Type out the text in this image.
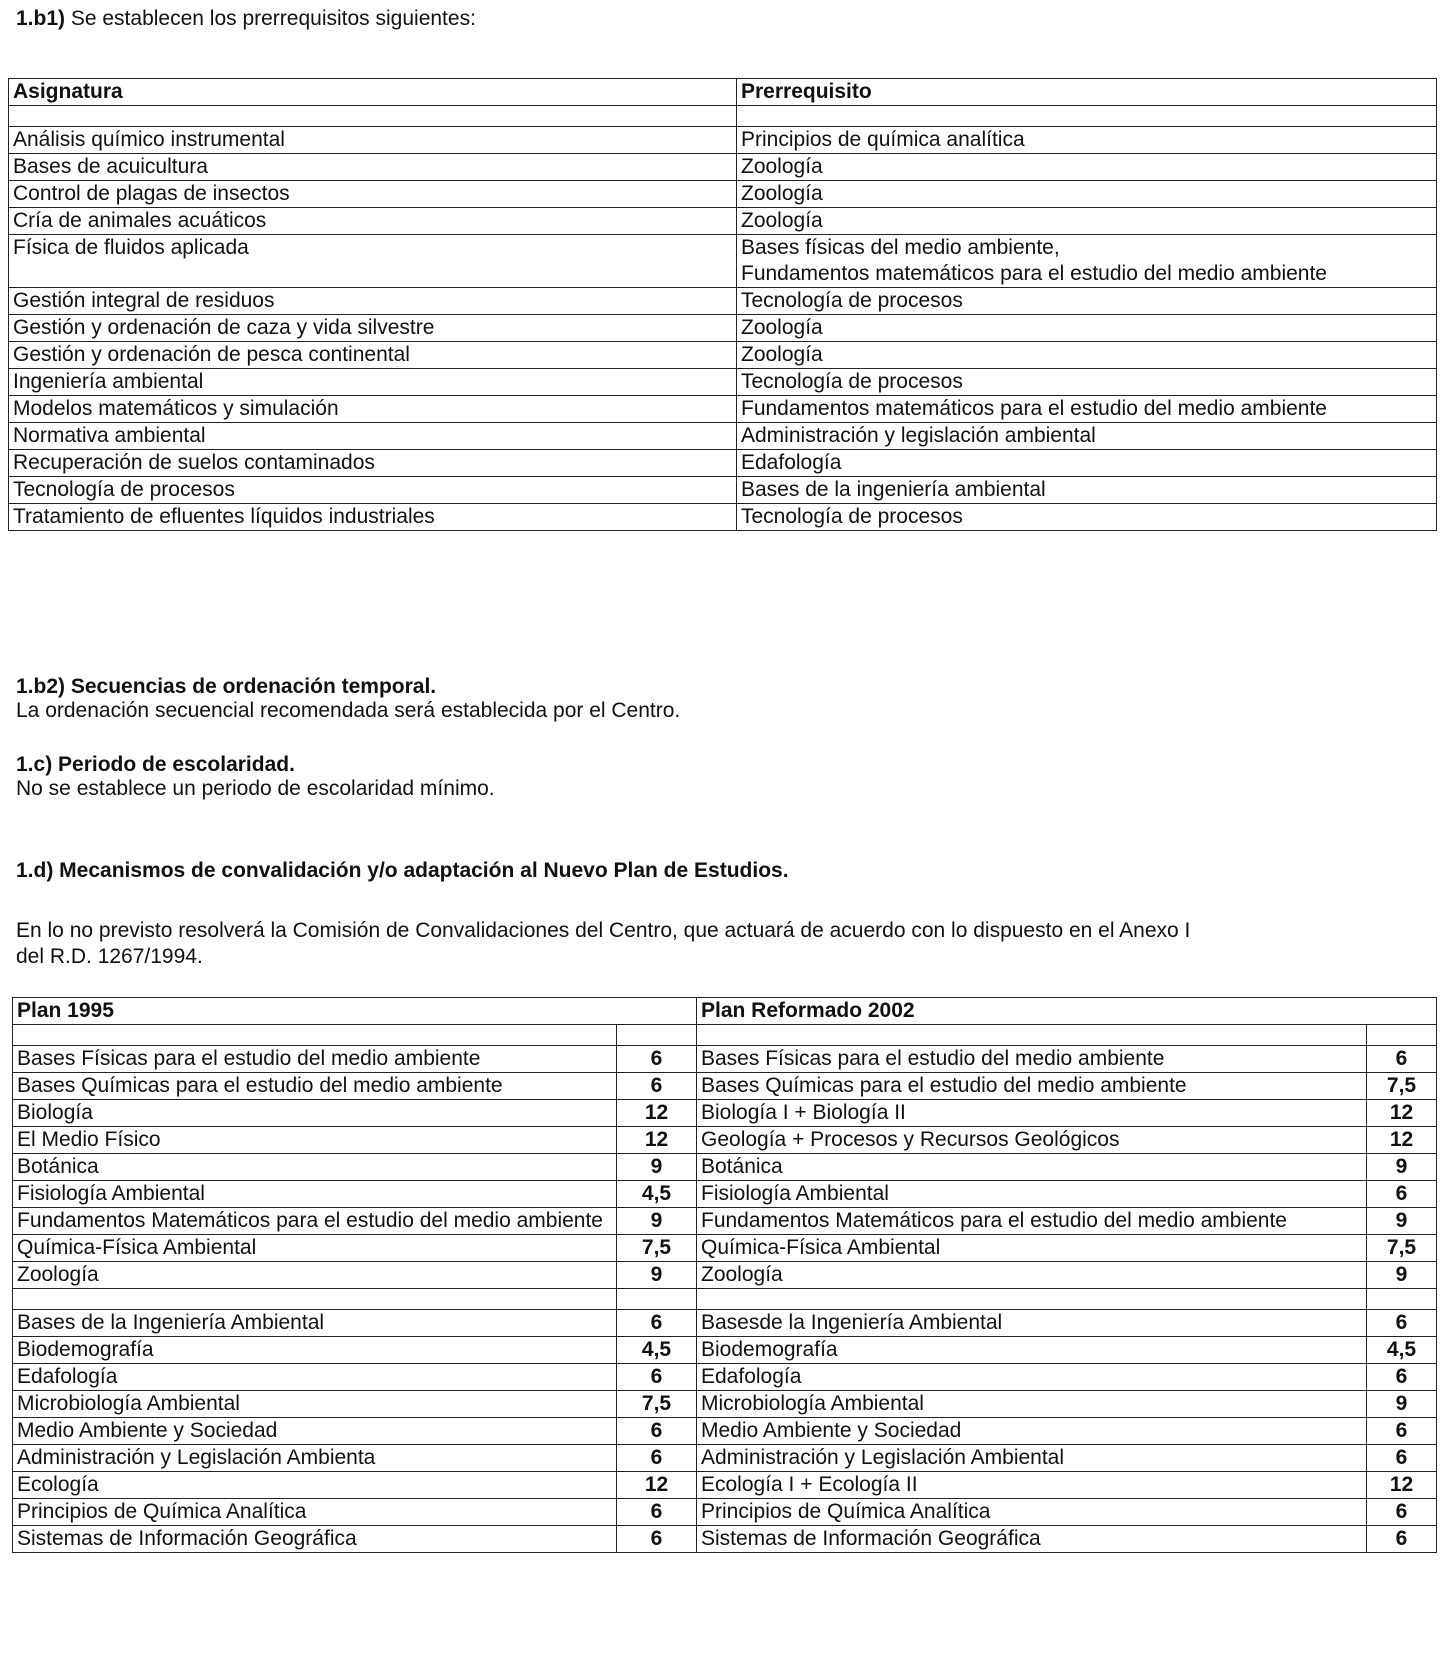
1.b1) Se establecen los prerrequisitos siguientes:
Asignatura	Prerrequisito

Análisis químico instrumental	Principios de química analítica

Bases de acuicultura	Zoología

Control de plagas de insectos	Zoología

Cría de animales acuáticos	Zoología

Física de fluidos aplicada	Bases físicas del medio ambiente,
Fundamentos matemáticos para el estudio del medio ambiente

Gestión integral de residuos	Tecnología de procesos

Gestión y ordenación de caza y vida silvestre	Zoología

Gestión y ordenación de pesca continental	Zoología

Ingeniería ambiental	Tecnología de procesos

Modelos matemáticos y simulación	Fundamentos matemáticos para el estudio del medio ambiente

Normativa ambiental	Administración y legislación ambiental

Recuperación de suelos contaminados	Edafología

Tecnología de procesos	Bases de la ingeniería ambiental

Tratamiento de efluentes líquidos industriales	Tecnología de procesos
1.b2) Secuencias de ordenación temporal.
La ordenación secuencial recomendada será establecida por el Centro.
1.c) Periodo de escolaridad.
No se establece un periodo de escolaridad mínimo.
1.d) Mecanismos de convalidación y/o adaptación al Nuevo Plan de Estudios.
En lo no previsto resolverá la Comisión de Convalidaciones del Centro, que actuará de acuerdo con lo dispuesto en el Anexo I
del R.D. 1267/1994.
Plan 1995		Plan Reformado 2002	

Bases Físicas para el estudio del medio ambiente	6	Bases Físicas para el estudio del medio ambiente	6
Bases Químicas para el estudio del medio ambiente	6	Bases Químicas para el estudio del medio ambiente	7,5
Biología	12	Biología I + Biología II	12
El Medio Físico	12	Geología + Procesos y Recursos Geológicos	12
Botánica	9	Botánica	9
Fisiología Ambiental	4,5	Fisiología Ambiental	6
Fundamentos Matemáticos para el estudio del medio ambiente	9	Fundamentos Matemáticos para el estudio del medio ambiente	9
Química-Física Ambiental	7,5	Química-Física Ambiental	7,5
Zoología	9	Zoología	9

Bases de la Ingeniería Ambiental	6	Basesde la Ingeniería Ambiental	6
Biodemografía	4,5	Biodemografía	4,5
Edafología	6	Edafología	6
Microbiología Ambiental	7,5	Microbiología Ambiental	9
Medio Ambiente y Sociedad	6	Medio Ambiente y Sociedad	6
Administración y Legislación Ambienta	6	Administración y Legislación Ambiental	6
Ecología	12	Ecología I + Ecología II	12
Principios de Química Analítica	6	Principios de Química Analítica	6
Sistemas de Información Geográfica	6	Sistemas de Información Geográfica	6
